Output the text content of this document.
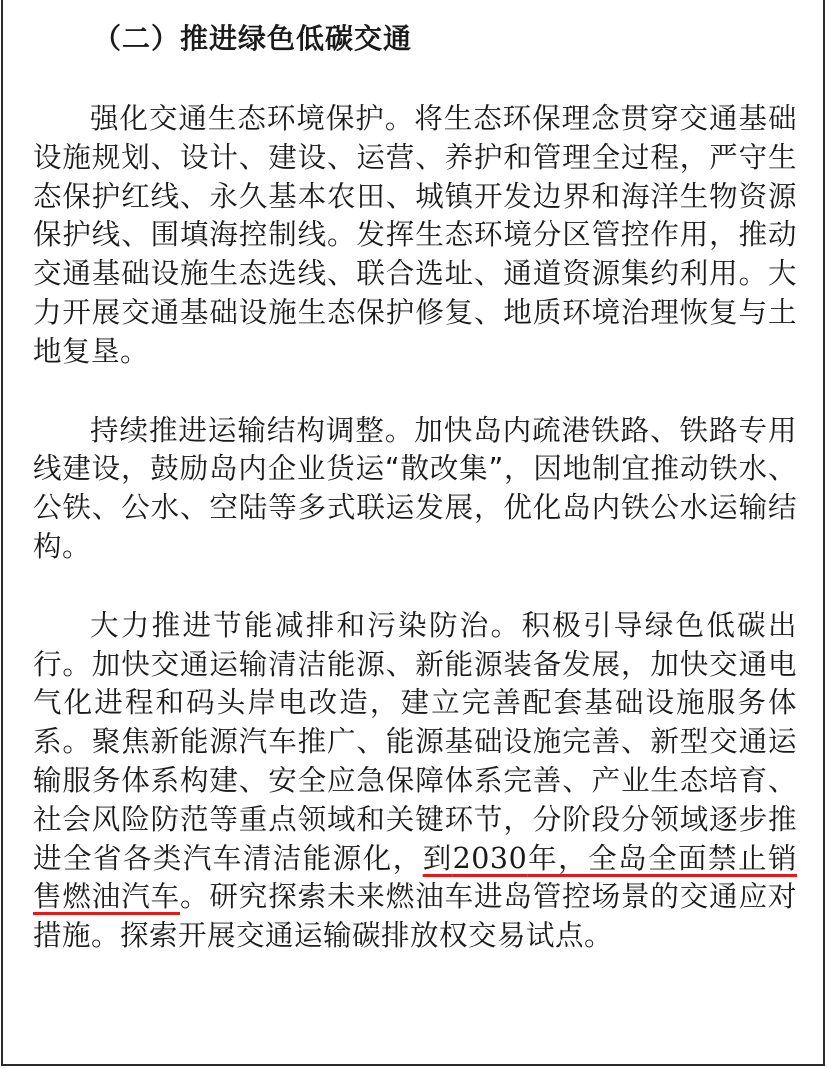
（二）推进绿色低碳交通

强化交通生态环境保护。将生态环保理念贯穿交通基础设施规划、设计、建设、运营、养护和管理全过程，严守生态保护红线、永久基本农田、城镇开发边界和海洋生物资源保护线、围填海控制线。发挥生态环境分区管控作用，推动交通基础设施生态选线、联合选址、通道资源集约利用。大力开展交通基础设施生态保护修复、地质环境治理恢复与土地复垦。

持续推进运输结构调整。加快岛内疏港铁路、铁路专用线建设，鼓励岛内企业货运“散改集”，因地制宜推动铁水、公铁、公水、空陆等多式联运发展，优化岛内铁公水运输结构。

大力推进节能减排和污染防治。积极引导绿色低碳出行。加快交通运输清洁能源、新能源装备发展，加快交通电气化进程和码头岸电改造，建立完善配套基础设施服务体系。聚焦新能源汽车推广、能源基础设施完善、新型交通运输服务体系构建、安全应急保障体系完善、产业生态培育、社会风险防范等重点领域和关键环节，分阶段分领域逐步推进全省各类汽车清洁能源化，到2030年，全岛全面禁止销售燃油汽车。研究探索未来燃油车进岛管控场景的交通应对措施。探索开展交通运输碳排放权交易试点。
